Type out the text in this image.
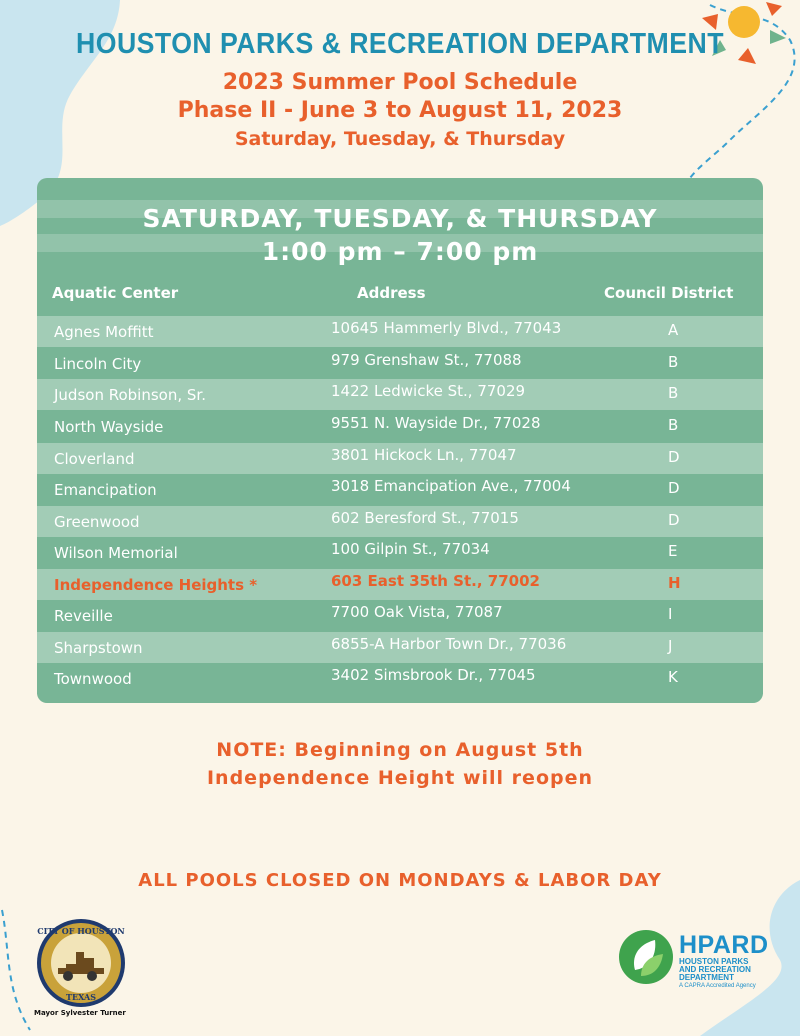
HOUSTON PARKS & RECREATION DEPARTMENT
2023 Summer Pool Schedule
Phase II - June 3 to August 11, 2023
Saturday, Tuesday, & Thursday
SATURDAY, TUESDAY, & THURSDAY
1:00 pm – 7:00 pm
Aquatic Center	Address	Council District
Agnes Moffitt	10645 Hammerly Blvd., 77043	A
Lincoln City	979 Grenshaw St., 77088	B
Judson Robinson, Sr.	1422 Ledwicke St., 77029	B
North Wayside	9551 N. Wayside Dr., 77028	B
Cloverland	3801 Hickock Ln., 77047	D
Emancipation	3018 Emancipation Ave., 77004	D
Greenwood	602 Beresford St., 77015	D
Wilson Memorial	100 Gilpin St., 77034	E
Independence Heights *	603 East 35th St., 77002	H
Reveille	7700 Oak Vista, 77087	I
Sharpstown	6855-A Harbor Town Dr., 77036	J
Townwood	3402 Simsbrook Dr., 77045	K
NOTE: Beginning on August 5th
Independence Height will reopen
ALL POOLS CLOSED ON MONDAYS & LABOR DAY
CITY OF HOUSTON
TEXAS
Mayor Sylvester Turner
HPARD
HOUSTON PARKS
AND RECREATION DEPARTMENT
A CAPRA Accredited Agency
